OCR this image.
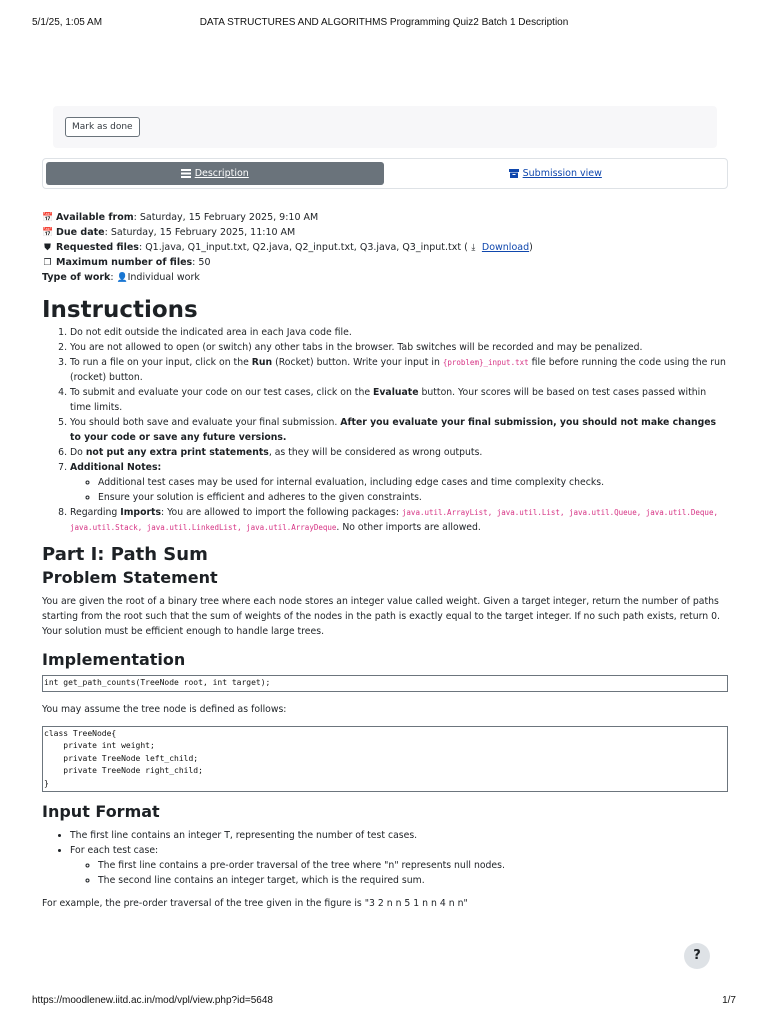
5/1/25, 1:05 AM	DATA STRUCTURES AND ALGORITHMS Programming Quiz2 Batch 1 Description
Mark as done
Description	Submission view
📅 Available from: Saturday, 15 February 2025, 9:10 AM
📅 Due date: Saturday, 15 February 2025, 11:10 AM
⛊ Requested files: Q1.java, Q1_input.txt, Q2.java, Q2_input.txt, Q3.java, Q3_input.txt ( ⤓ Download)
❐ Maximum number of files: 50
Type of work: 👤Individual work
Instructions
1. Do not edit outside the indicated area in each Java code file.
2. You are not allowed to open (or switch) any other tabs in the browser. Tab switches will be recorded and may be penalized.
3. To run a file on your input, click on the Run (Rocket) button. Write your input in {problem}_input.txt file before running the code using the run (rocket) button.
4. To submit and evaluate your code on our test cases, click on the Evaluate button. Your scores will be based on test cases passed within time limits.
5. You should both save and evaluate your final submission. After you evaluate your final submission, you should not make changes to your code or save any future versions.
6. Do not put any extra print statements, as they will be considered as wrong outputs.
7. Additional Notes:
◦ Additional test cases may be used for internal evaluation, including edge cases and time complexity checks.
◦ Ensure your solution is efficient and adheres to the given constraints.
8. Regarding Imports: You are allowed to import the following packages: java.util.ArrayList, java.util.List, java.util.Queue, java.util.Deque, java.util.Stack, java.util.LinkedList, java.util.ArrayDeque. No other imports are allowed.
Part I: Path Sum
Problem Statement

You are given the root of a binary tree where each node stores an integer value called weight. Given a target integer, return the number of paths starting from the root such that the sum of weights of the nodes in the path is exactly equal to the target integer. If no such path exists, return 0. Your solution must be efficient enough to handle large trees.

Implementation
int get_path_counts(TreeNode root, int target);

You may assume the tree node is defined as follows:

class TreeNode{
private int weight;
private TreeNode left_child;
private TreeNode right_child;
}
Input Format
• The first line contains an integer T, representing the number of test cases.
• For each test case:
◦ The first line contains a pre-order traversal of the tree where "n" represents null nodes.
◦ The second line contains an integer target, which is the required sum.

For example, the pre-order traversal of the tree given in the figure is "3 2 n n 5 1 n n 4 n n"

?
https://moodlenew.iitd.ac.in/mod/vpl/view.php?id=5648	1/7
